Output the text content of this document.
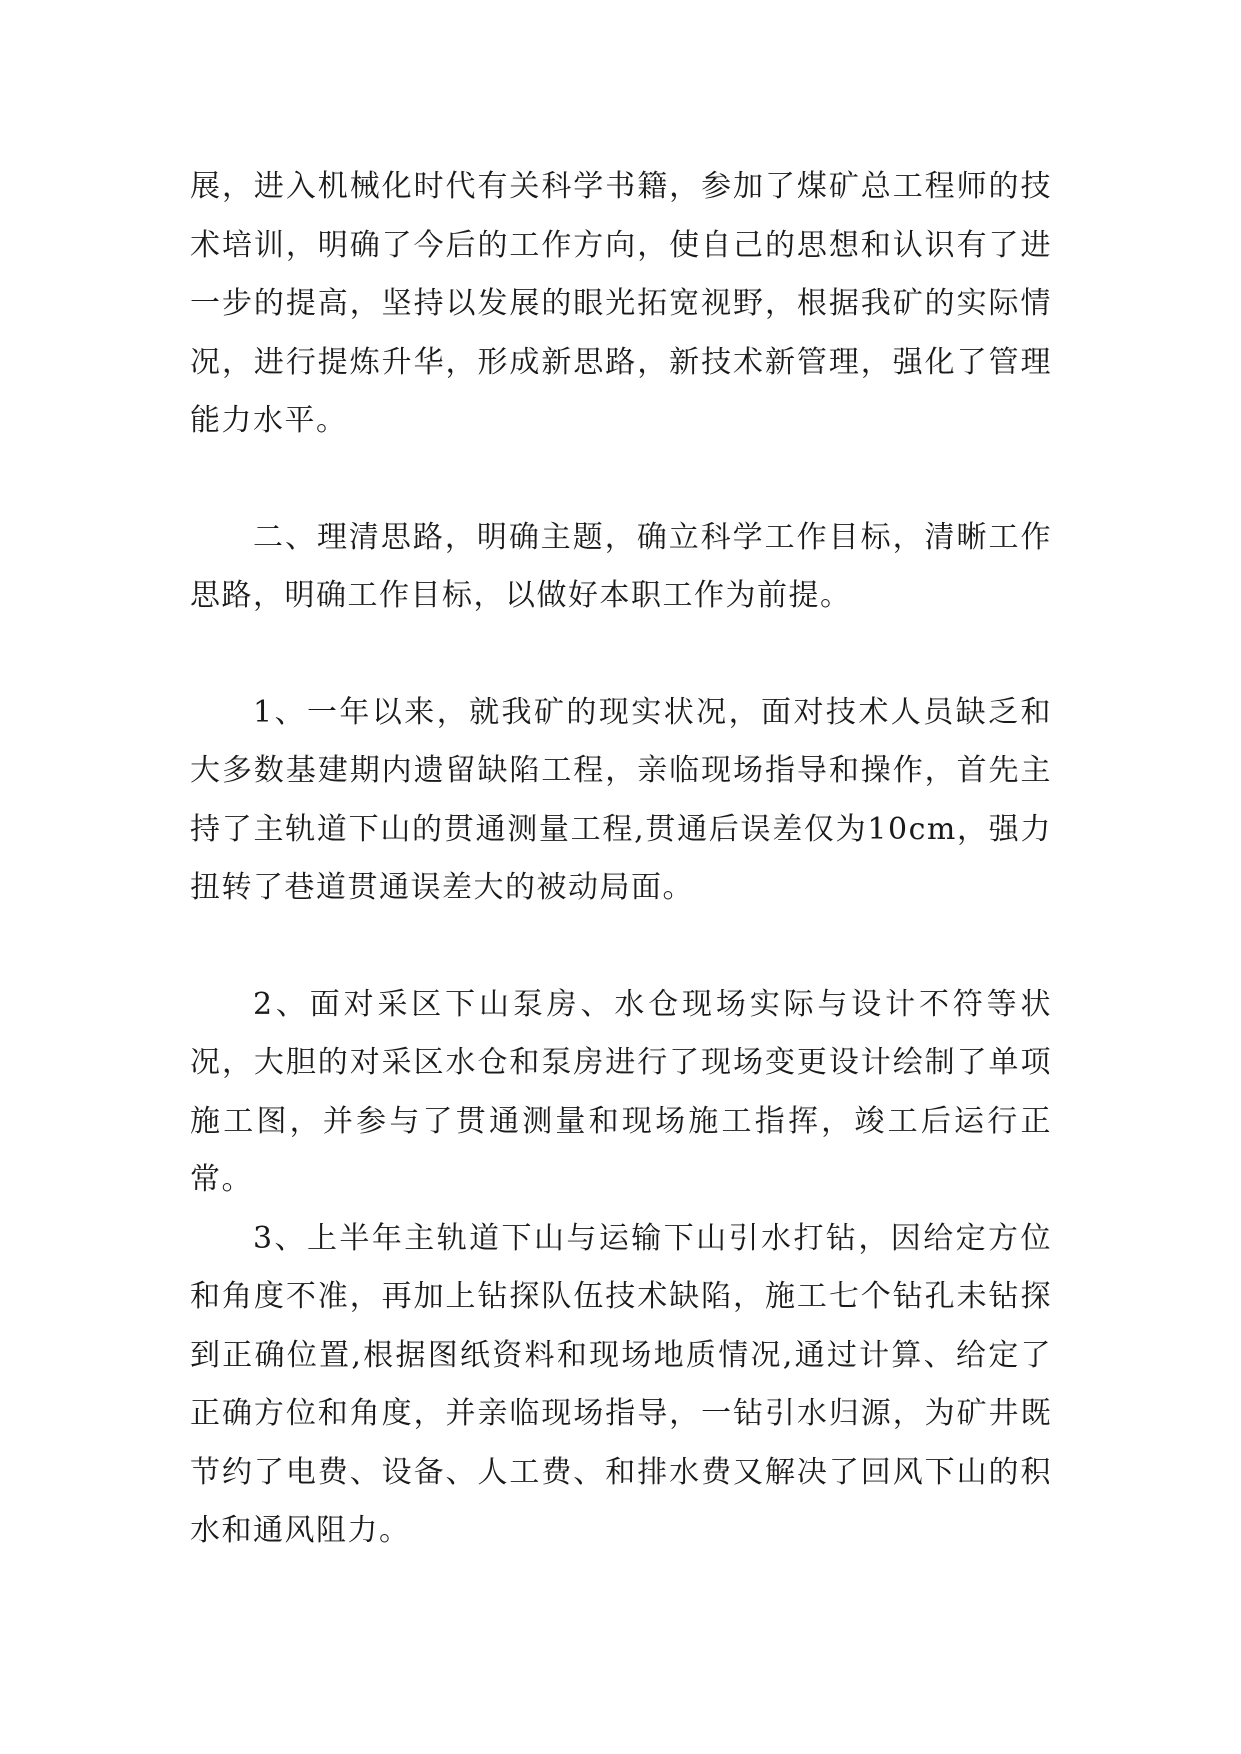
展，进入机械化时代有关科学书籍，参加了煤矿总工程师的技术培训，明确了今后的工作方向，使自己的思想和认识有了进一步的提高，坚持以发展的眼光拓宽视野，根据我矿的实际情况，进行提炼升华，形成新思路，新技术新管理，强化了管理能力水平。

二、理清思路，明确主题，确立科学工作目标，清晰工作思路，明确工作目标，以做好本职工作为前提。

1、一年以来，就我矿的现实状况，面对技术人员缺乏和大多数基建期内遗留缺陷工程，亲临现场指导和操作，首先主持了主轨道下山的贯通测量工程,贯通后误差仅为10cm，强力扭转了巷道贯通误差大的被动局面。

2、面对采区下山泵房、水仓现场实际与设计不符等状况，大胆的对采区水仓和泵房进行了现场变更设计绘制了单项施工图，并参与了贯通测量和现场施工指挥，竣工后运行正常。

3、上半年主轨道下山与运输下山引水打钻，因给定方位和角度不准，再加上钻探队伍技术缺陷，施工七个钻孔未钻探到正确位置,根据图纸资料和现场地质情况,通过计算、给定了正确方位和角度，并亲临现场指导，一钻引水归源，为矿井既节约了电费、设备、人工费、和排水费又解决了回风下山的积水和通风阻力。
